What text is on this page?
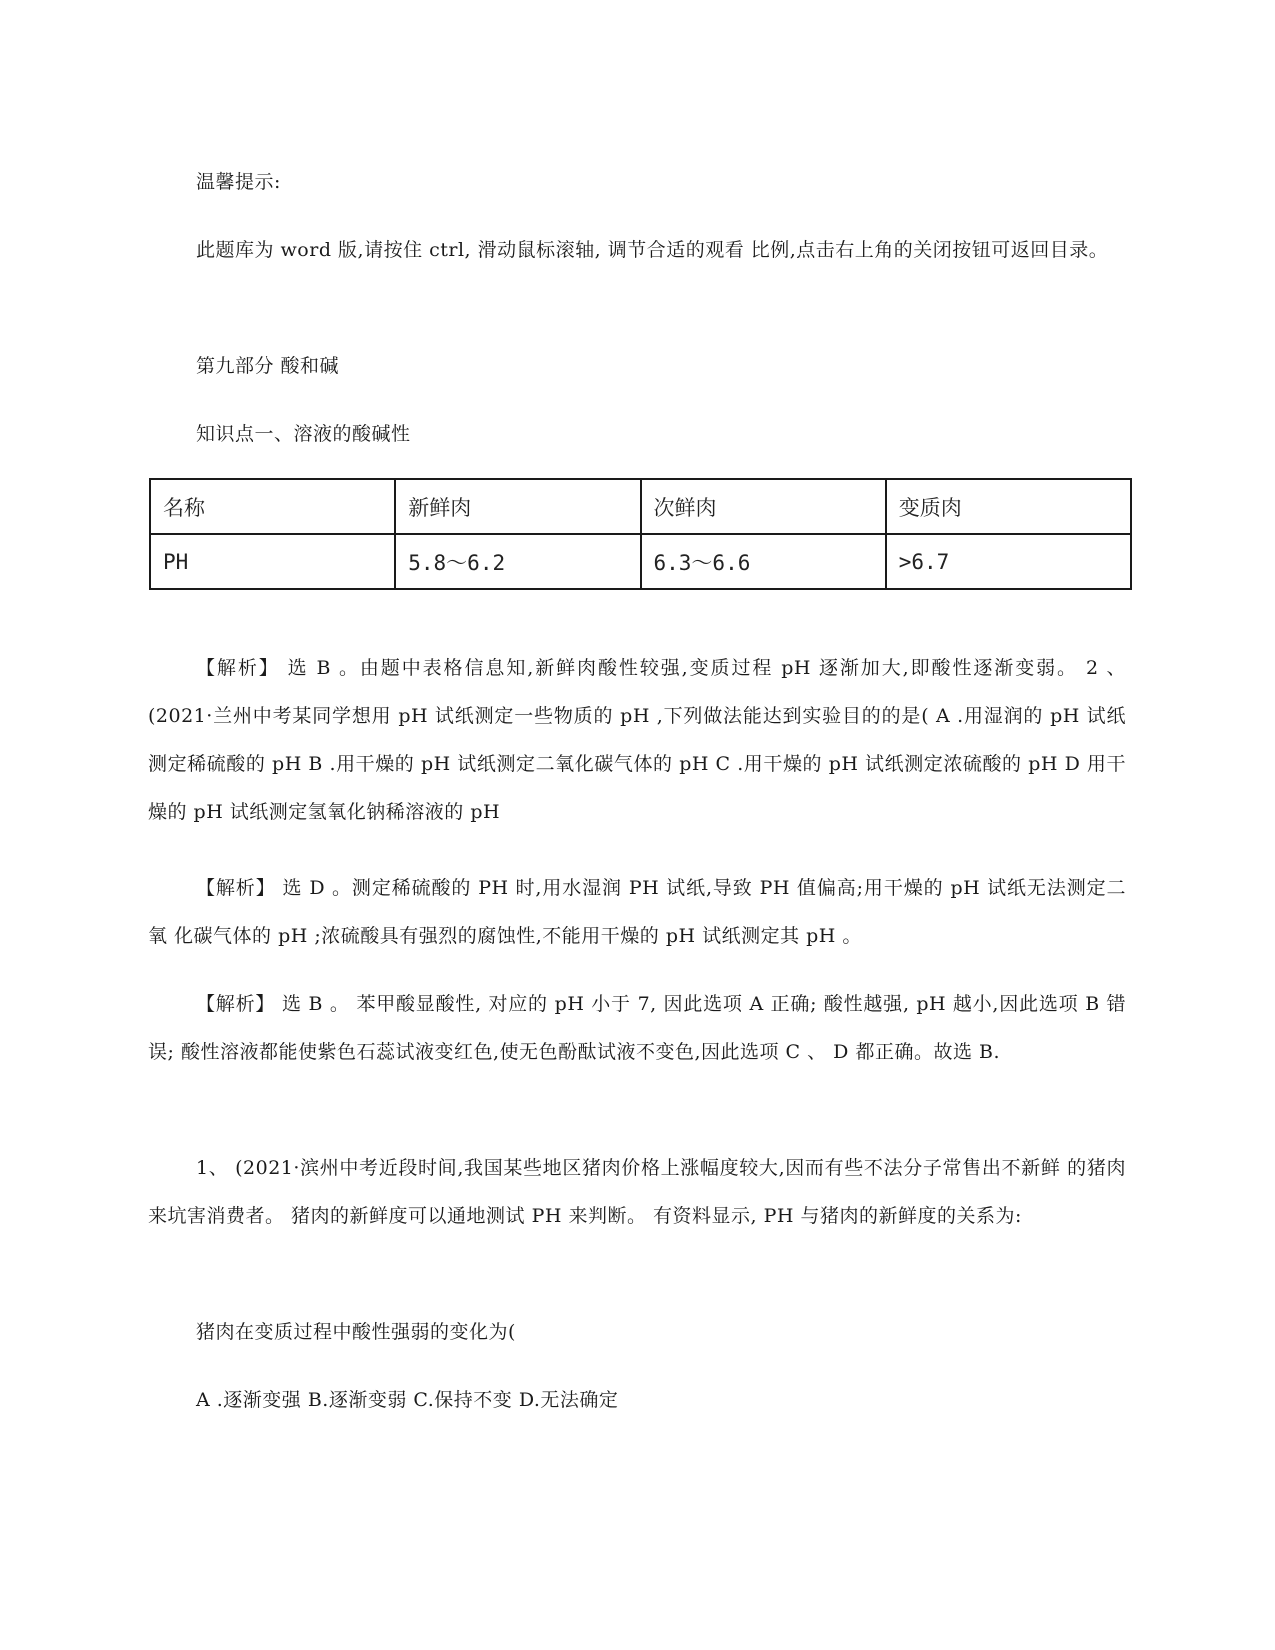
温馨提示:

此题库为 word 版,请按住 ctrl, 滑动鼠标滚轴, 调节合适的观看 比例,点击右上角的关闭按钮可返回目录。

第九部分 酸和碱

知识点一、溶液的酸碱性

名称	新鲜肉	次鲜肉	变质肉
PH	5.8～6.2	6.3～6.6	>6.7

【解析】 选 B 。由题中表格信息知,新鲜肉酸性较强,变质过程 pH 逐渐加大,即酸性逐渐变弱。 2 、 (2021·兰州中考某同学想用 pH 试纸测定一些物质的 pH ,下列做法能达到实验目的的是( A .用湿润的 pH 试纸测定稀硫酸的 pH B .用干燥的 pH 试纸测定二氧化碳气体的 pH C .用干燥的 pH 试纸测定浓硫酸的 pH D 用干燥的 pH 试纸测定氢氧化钠稀溶液的 pH

【解析】 选 D 。测定稀硫酸的 PH 时,用水湿润 PH 试纸,导致 PH 值偏高;用干燥的 pH 试纸无法测定二氧 化碳气体的 pH ;浓硫酸具有强烈的腐蚀性,不能用干燥的 pH 试纸测定其 pH 。

【解析】 选 B 。 苯甲酸显酸性, 对应的 pH 小于 7, 因此选项 A 正确; 酸性越强, pH 越小,因此选项 B 错误; 酸性溶液都能使紫色石蕊试液变红色,使无色酚酞试液不变色,因此选项 C 、 D 都正确。故选 B.

1、 (2021·滨州中考近段时间,我国某些地区猪肉价格上涨幅度较大,因而有些不法分子常售出不新鲜 的猪肉来坑害消费者。 猪肉的新鲜度可以通地测试 PH 来判断。 有资料显示, PH 与猪肉的新鲜度的关系为:

猪肉在变质过程中酸性强弱的变化为(

A .逐渐变强 B.逐渐变弱 C.保持不变 D.无法确定
